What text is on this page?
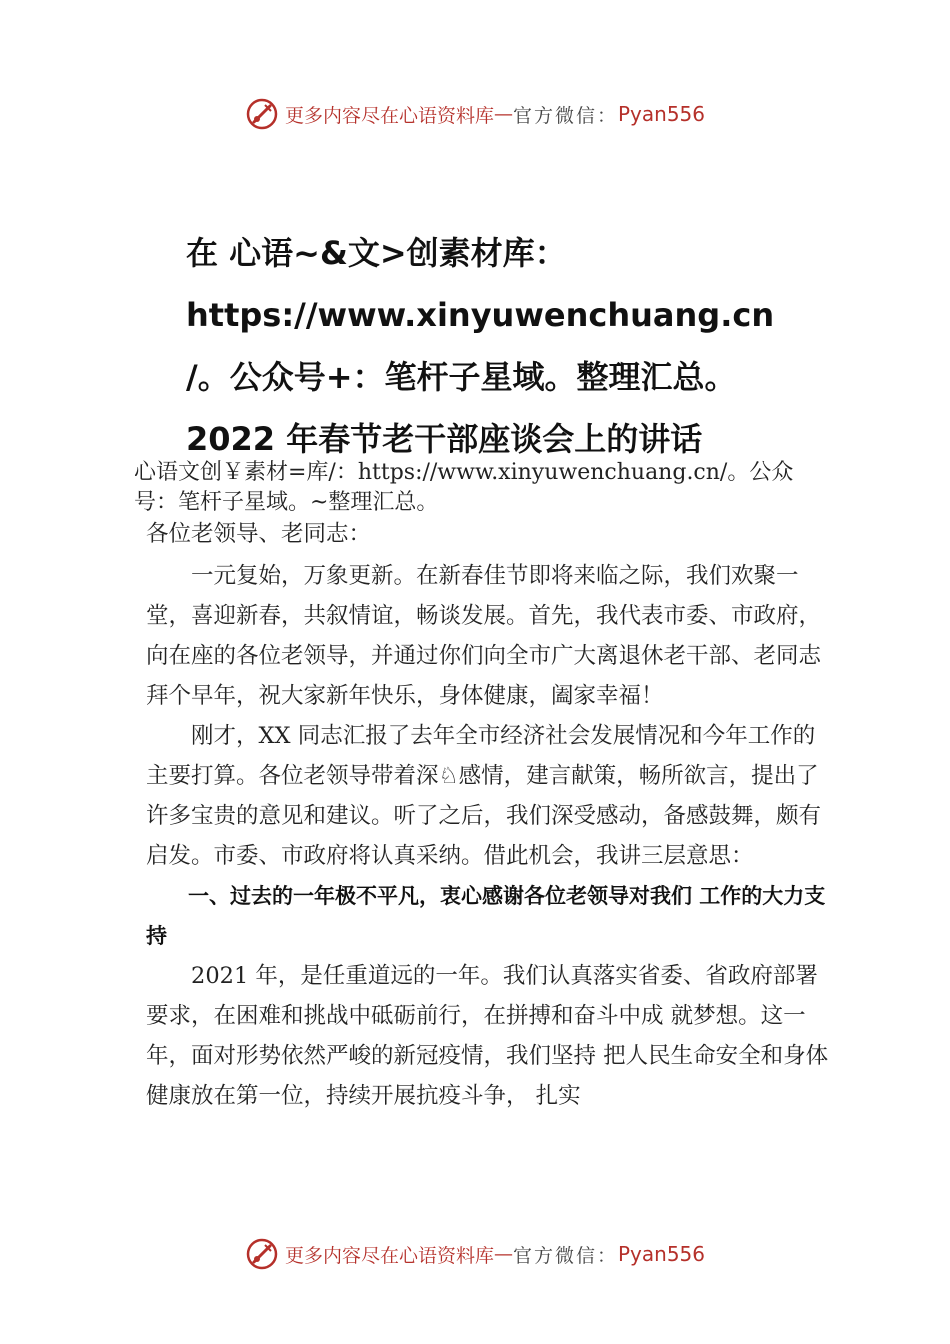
更多内容尽在心语资料库 — 官方微信： Pyan556
在 心语~&文>创素材库：
https://www.xinyuwenchuang.cn
/。公众号+：笔杆子星域。整理汇总。
2022 年春节老干部座谈会上的讲话
心语文创￥素材=库/：https://www.xinyuwenchuang.cn/。公众号：笔杆子星域。~整理汇总。

各位老领导、老同志：

一元复始，万象更新。在新春佳节即将来临之际，我们欢聚一堂，喜迎新春，共叙情谊，畅谈发展。首先，我代表市委、市政府，向在座的各位老领导，并通过你们向全市广大离退休老干部、老同志拜个早年，祝大家新年快乐，身体健康，阖家幸福！

刚才，XX 同志汇报了去年全市经济社会发展情况和今年工作的主要打算。各位老领导带着深♘感情，建言献策，畅所欲言，提出了许多宝贵的意见和建议。听了之后，我们深受感动，备感鼓舞，颇有启发。市委、市政府将认真采纳。借此机会，我讲三层意思：

一、过去的一年极不平凡，衷心感谢各位老领导对我们 工作的大力支持

2021 年，是任重道远的一年。我们认真落实省委、省政府部署要求，在困难和挑战中砥砺前行，在拼搏和奋斗中成 就梦想。这一年，面对形势依然严峻的新冠疫情，我们坚持 把人民生命安全和身体健康放在第一位，持续开展抗疫斗争， 扎实

更多内容尽在心语资料库 — 官方微信： Pyan556
